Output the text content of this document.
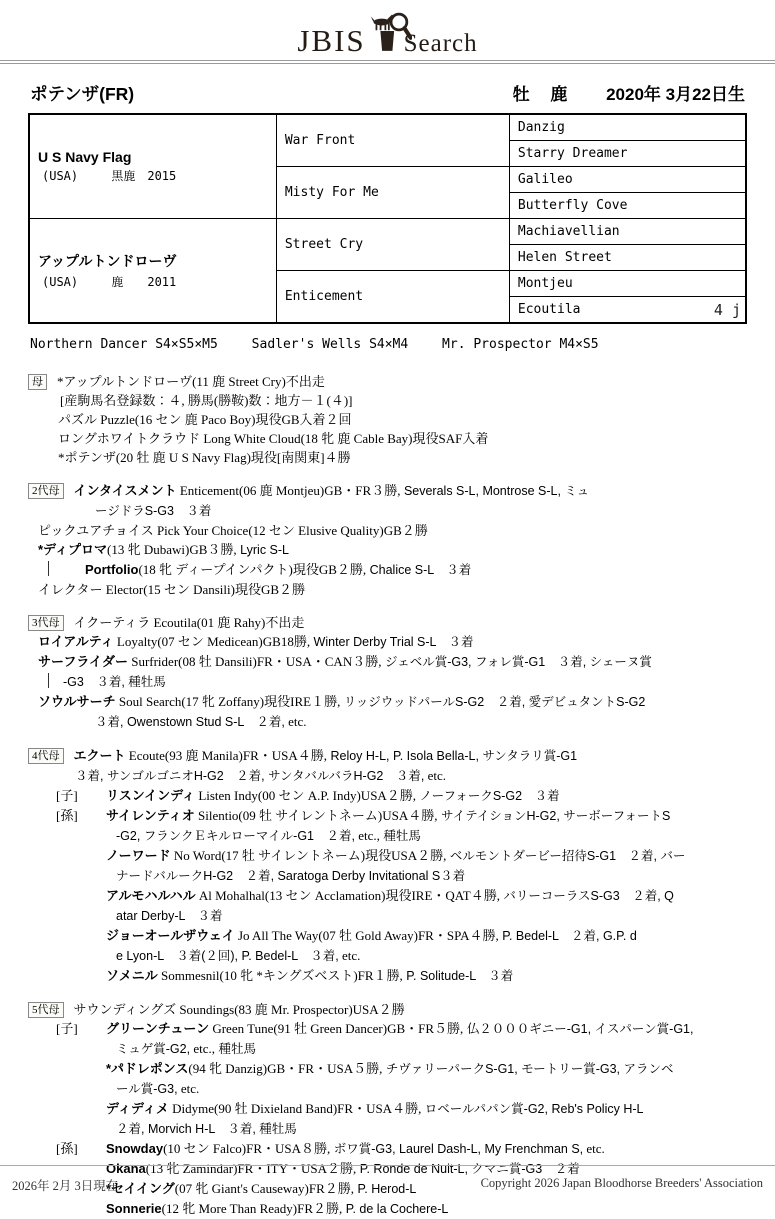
JBIS Search
ポテンザ(FR)	牡 鹿 2020年 3月22日生
U S Navy Flag
(USA) 黒鹿　2015	War Front	Danzig
		Starry Dreamer
	Misty For Me	Galileo
		Butterfly Cove

アップルトンドローヴ
(USA) 鹿　　2011	Street Cry	Machiavellian
		Helen Street
	Enticement	Montjeu

		Ecoutila 4 j
Northern Dancer S4×S5×M5	Sadler's Wells S4×M4	Mr. Prospector M4×S5
母 *アップルトンドローヴ(11 鹿 Street Cry)不出走
[産駒馬名登録数：４, 勝馬(勝鞍)数：地方－１(４)]
パズル Puzzle(16 セン 鹿 Paco Boy)現役GB入着２回
ロングホワイトクラウド Long White Cloud(18 牝 鹿 Cable Bay)現役SAF入着
*ポテンザ(20 牡 鹿 U S Navy Flag)現役[南関東]４勝
2代母 インタイスメント Enticement(06 鹿 Montjeu)GB・FR３勝, Severals S-L, Montrose S-L, ミュ
ージドラS-G3　３着
ピックユアチョイス Pick Your Choice(12 セン Elusive Quality)GB２勝
*ディプロマ(13 牝 Dubawi)GB３勝, Lyric S-L
Portfolio(18 牝 ディープインパクト)現役GB２勝, Chalice S-L　３着
イレクター Elector(15 セン Dansili)現役GB２勝
3代母 イクーティラ Ecoutila(01 鹿 Rahy)不出走
ロイアルティ Loyalty(07 セン Medicean)GB18勝, Winter Derby Trial S-L　３着
サーフライダー Surfrider(08 牡 Dansili)FR・USA・CAN３勝, ジェベル賞-G3, フォレ賞-G1　３着, シェーヌ賞
-G3　３着, 種牡馬
ソウルサーチ Soul Search(17 牝 Zoffany)現役IRE１勝, リッジウッドパールS-G2　２着, 愛デビュタントS-G2
３着, Owenstown Stud S-L　２着, etc.
4代母 エクート Ecoute(93 鹿 Manila)FR・USA４勝, Reloy H-L, P. Isola Bella-L, サンタラリ賞-G1
３着, サンゴルゴニオH-G2　２着, サンタバルバラH-G2　３着, etc.
[子] リスンインディ Listen Indy(00 セン A.P. Indy)USA２勝, ノーフォークS-G2　３着
[孫] サイレンティオ Silentio(09 牡 サイレントネーム)USA４勝, サイテイションH-G2, サーボーフォートS
-G2, フランクＥキルローマイル-G1　２着, etc., 種牡馬
ノーワード No Word(17 牡 サイレントネーム)現役USA２勝, ベルモントダービー招待S-G1　２着, バー
ナードバルークH-G2　２着, Saratoga Derby Invitational S３着
アルモハルハル Al Mohalhal(13 セン Acclamation)現役IRE・QAT４勝, バリーコーラスS-G3　２着, Q
atar Derby-L　３着
ジョーオールザウェイ Jo All The Way(07 牡 Gold Away)FR・SPA４勝, P. Bedel-L　２着, G.P. d
e Lyon-L　３着(２回), P. Bedel-L　３着, etc.
ソメニル Sommesnil(10 牝 *キングズベスト)FR１勝, P. Solitude-L　３着
5代母 サウンディングズ Soundings(83 鹿 Mr. Prospector)USA２勝
[子] グリーンチューン Green Tune(91 牡 Green Dancer)GB・FR５勝, 仏２０００ギニー-G1, イスパーン賞-G1,
ミュゲ賞-G2, etc., 種牡馬
*パドレポンス(94 牝 Danzig)GB・FR・USA５勝, チヴァリーパークS-G1, モートリー賞-G3, アランベ
ール賞-G3, etc.
ディディメ Didyme(90 牡 Dixieland Band)FR・USA４勝, ロベールパパン賞-G2, Reb's Policy H-L
２着, Morvich H-L　３着, 種牡馬
[孫] Snowday(10 セン Falco)FR・USA８勝, ボワ賞-G3, Laurel Dash-L, My Frenchman S, etc.
Okana(13 牝 Zamindar)FR・ITY・USA２勝, P. Ronde de Nuit-L, クマニ賞-G3　２着
*セイイング(07 牝 Giant's Causeway)FR２勝, P. Herod-L
Sonnerie(12 牝 More Than Ready)FR２勝, P. de la Cochere-L
2026年 2月 3日現在	Copyright 2026 Japan Bloodhorse Breeders' Association
